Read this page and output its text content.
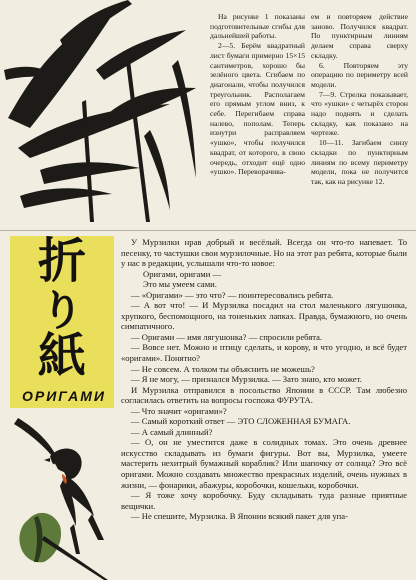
На рисунке 1 показаны подготовительные сгибы для дальнейшей работы.

2—5. Берём квадратный лист бумаги примерно 15×15 сантиметров, хорошо бы зелёного цвета. Сгибаем по диагонали, чтобы получился треугольник. Располагаем его прямым углом вниз, к себе. Перегибаем справа налево, пополам. Теперь изнутри расправляем «ушко», чтобы получился квадрат, от которого, в свою очередь, отходит ещё одно «ушко». Переворачива-

ем и повторяем действие заново. Получился квадрат. По пунктирным линиям делаем справа сверху складку.

6. Повторяем эту операцию по периметру всей модели.

7—9. Стрелка показывает, что «ушки» с четырёх сторон надо поднять и сделать складку, как показано на чертеже.

10—11. Загибаем снизу складки по пунктирным линиям по всему периметру модели, пока не получится так, как на рисунке 12.

折
り
紙
ОРИГАМИ

У Мурзилки нрав добрый и весёлый. Всегда он что-то напевает. То песенку, то частушки свои мурзилочные. Но на этот раз ребята, которые были у нас в редакции, услышали что-то новое:

Оригами, оригами —

Это мы умеем сами.

— «Оригами» — это что? — поинтересовались ребята.

— А вот что! — И Мурзилка посадил на стол маленького лягушонка, хрупкого, беспомощного, на тоненьких лапках. Правда, бумажного, но очень симпатичного.

— Оригами — имя лягушонка? — спросили ребята.

— Вовсе нет. Можно и птицу сделать, и корову, и что угодно, и всё будет «оригами». Понятно?

— Не совсем. А толком ты объяснить не можешь?

— Я не могу, — признался Мурзилка. — Зато знаю, кто может.

И Мурзилка отправился в посольство Японии в СССР. Там любезно согласилась ответить на вопросы госпожа ФУРУТА.

— Что значит «оригами»?

— Самый короткий ответ — ЭТО СЛОЖЕННАЯ БУМАГА.

— А самый длинный?

— О, он не уместится даже в солидных томах. Это очень древнее искусство складывать из бумаги фигуры. Вот вы, Мурзилка, умеете мастерить нехитрый бумажный кораблик? Или шапочку от солнца? Это всё оригами. Можно создавать множество прекрасных изделий, очень нужных в жизни, — фонарики, абажуры, коробочки, кошельки, коробочки.

— Я тоже хочу коробочку. Буду складывать туда разные приятные вещички.

— Не спешите, Мурзилка. В Японии всякий пакет для упа-
